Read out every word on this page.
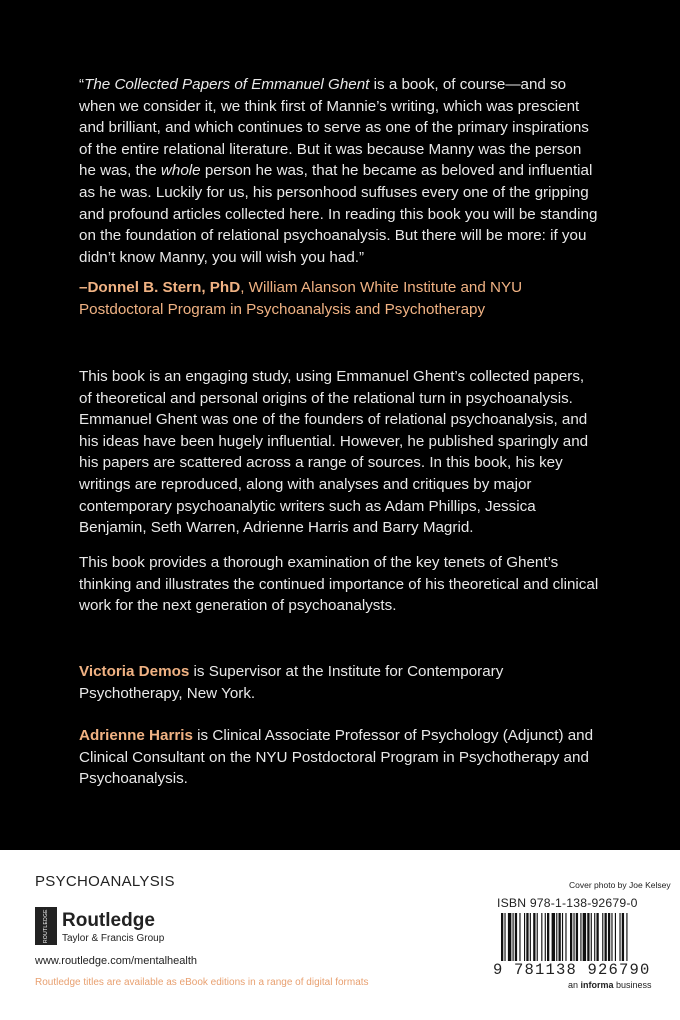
“The Collected Papers of Emmanuel Ghent is a book, of course—and so when we consider it, we think first of Mannie’s writing, which was prescient and brilliant, and which continues to serve as one of the primary inspirations of the entire relational literature. But it was because Manny was the person he was, the whole person he was, that he became as beloved and influential as he was. Luckily for us, his personhood suffuses every one of the gripping and profound articles collected here. In reading this book you will be standing on the foundation of relational psychoanalysis. But there will be more: if you didn’t know Manny, you will wish you had.”
–Donnel B. Stern, PhD, William Alanson White Institute and NYU Postdoctoral Program in Psychoanalysis and Psychotherapy
This book is an engaging study, using Emmanuel Ghent’s collected papers, of theoretical and personal origins of the relational turn in psychoanalysis. Emmanuel Ghent was one of the founders of relational psychoanalysis, and his ideas have been hugely influential. However, he published sparingly and his papers are scattered across a range of sources. In this book, his key writings are reproduced, along with analyses and critiques by major contemporary psychoanalytic writers such as Adam Phillips, Jessica Benjamin, Seth Warren, Adrienne Harris and Barry Magrid.
This book provides a thorough examination of the key tenets of Ghent’s thinking and illustrates the continued importance of his theoretical and clinical work for the next generation of psychoanalysts.
Victoria Demos is Supervisor at the Institute for Contemporary Psychotherapy, New York.
Adrienne Harris is Clinical Associate Professor of Psychology (Adjunct) and Clinical Consultant on the NYU Postdoctoral Program in Psychotherapy and Psychoanalysis.
PSYCHOANALYSIS
ROUTLEDGE Routledge
Taylor & Francis Group
www.routledge.com/mentalhealth
Routledge titles are available as eBook editions in a range of digital formats
Cover photo by Joe Kelsey
ISBN 978-1-138-92679-0
9 781138 926790
an informa business
